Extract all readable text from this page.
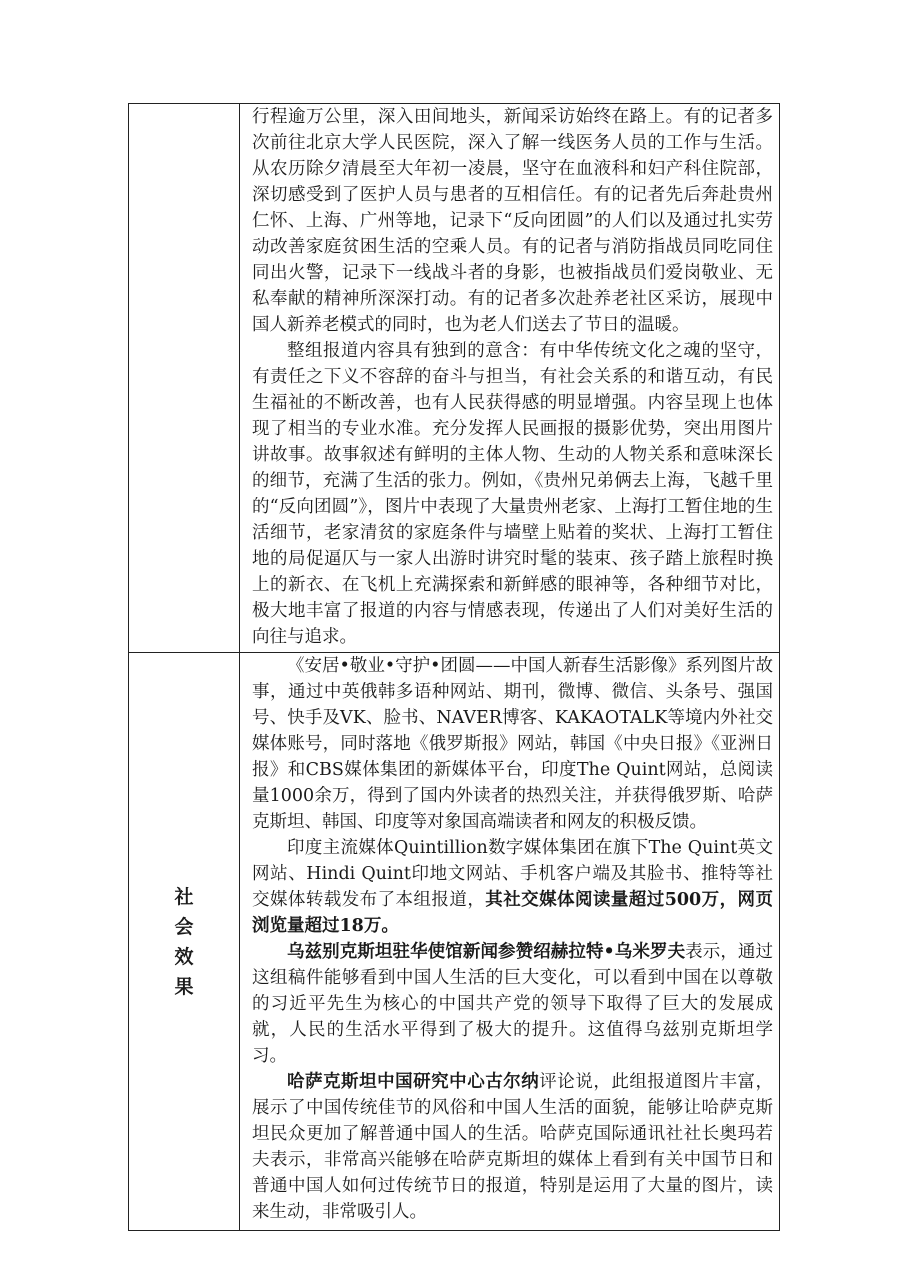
	行程逾万公里，深入田间地头，新闻采访始终在路上。有的记者多次前往北京大学人民医院，深入了解一线医务人员的工作与生活。从农历除夕清晨至大年初一凌晨，坚守在血液科和妇产科住院部，深切感受到了医护人员与患者的互相信任。有的记者先后奔赴贵州仁怀、上海、广州等地，记录下“反向团圆”的人们以及通过扎实劳动改善家庭贫困生活的空乘人员。有的记者与消防指战员同吃同住同出火警，记录下一线战斗者的身影，也被指战员们爱岗敬业、无私奉献的精神所深深打动。有的记者多次赴养老社区采访，展现中国人新养老模式的同时，也为老人们送去了节日的温暖。

整组报道内容具有独到的意含：有中华传统文化之魂的坚守，有责任之下义不容辞的奋斗与担当，有社会关系的和谐互动，有民生福祉的不断改善，也有人民获得感的明显增强。内容呈现上也体现了相当的专业水准。充分发挥人民画报的摄影优势，突出用图片讲故事。故事叙述有鲜明的主体人物、生动的人物关系和意味深长的细节，充满了生活的张力。例如，《贵州兄弟俩去上海，飞越千里的“反向团圆”》，图片中表现了大量贵州老家、上海打工暂住地的生活细节，老家清贫的家庭条件与墙壁上贴着的奖状、上海打工暂住地的局促逼仄与一家人出游时讲究时髦的装束、孩子踏上旅程时换上的新衣、在飞机上充满探索和新鲜感的眼神等，各种细节对比，极大地丰富了报道的内容与情感表现，传递出了人们对美好生活的向往与追求。

社会效果	《安居•敬业•守护•团圆——中国人新春生活影像》系列图片故事，通过中英俄韩多语种网站、期刊，微博、微信、头条号、强国号、快手及VK、脸书、NAVER博客、KAKAOTALK等境内外社交媒体账号，同时落地《俄罗斯报》网站，韩国《中央日报》《亚洲日报》和CBS媒体集团的新媒体平台，印度The Quint网站，总阅读量1000余万，得到了国内外读者的热烈关注，并获得俄罗斯、哈萨克斯坦、韩国、印度等对象国高端读者和网友的积极反馈。

印度主流媒体Quintillion数字媒体集团在旗下The Quint英文网站、Hindi Quint印地文网站、手机客户端及其脸书、推特等社交媒体转载发布了本组报道，其社交媒体阅读量超过500万，网页浏览量超过18万。

乌兹别克斯坦驻华使馆新闻参赞绍赫拉特•乌米罗夫表示，通过这组稿件能够看到中国人生活的巨大变化，可以看到中国在以尊敬的习近平先生为核心的中国共产党的领导下取得了巨大的发展成就，人民的生活水平得到了极大的提升。这值得乌兹别克斯坦学习。

哈萨克斯坦中国研究中心古尔纳评论说，此组报道图片丰富，展示了中国传统佳节的风俗和中国人生活的面貌，能够让哈萨克斯坦民众更加了解普通中国人的生活。哈萨克国际通讯社社长奥玛若夫表示，非常高兴能够在哈萨克斯坦的媒体上看到有关中国节日和普通中国人如何过传统节日的报道，特别是运用了大量的图片，读来生动，非常吸引人。
